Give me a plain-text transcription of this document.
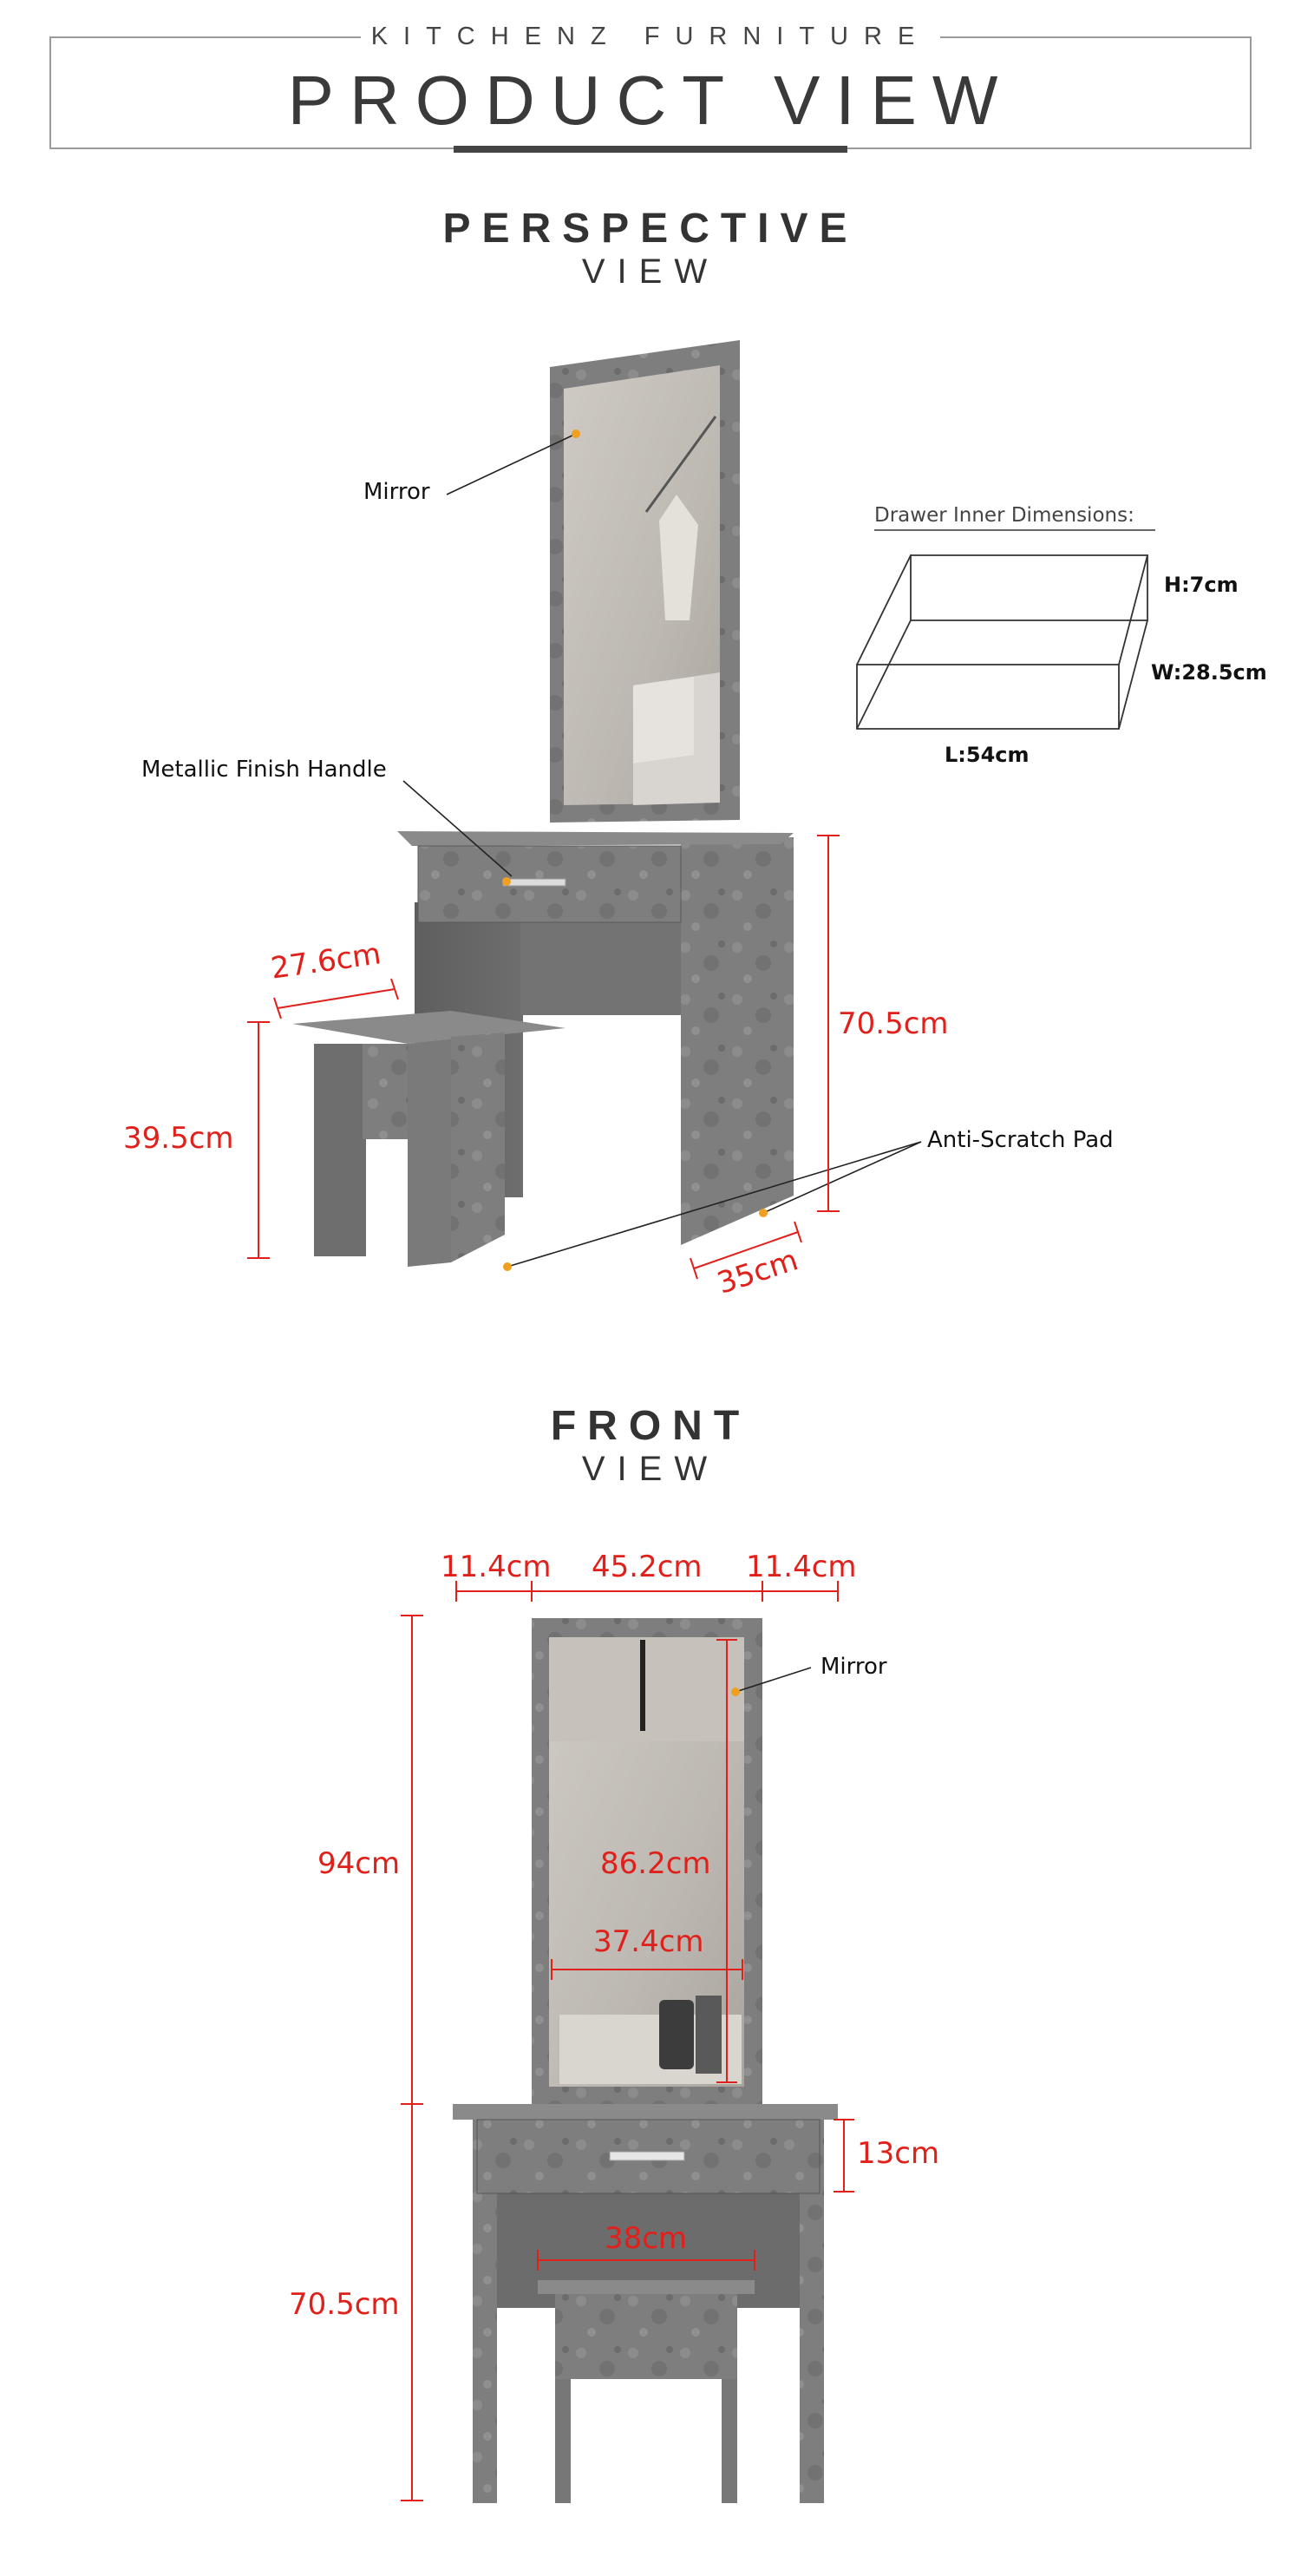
KITCHENZ FURNITURE
PRODUCT VIEW
PERSPECTIVE
VIEW
Mirror
Metallic Finish Handle
Anti-Scratch Pad
Drawer Inner Dimensions:
H:7cm
W:28.5cm
L:54cm
27.6cm
39.5cm
70.5cm
35cm
FRONT
VIEW
Mirror
11.4cm 45.2cm 11.4cm
94cm	86.2cm
37.4cm
13cm
38cm
70.5cm
